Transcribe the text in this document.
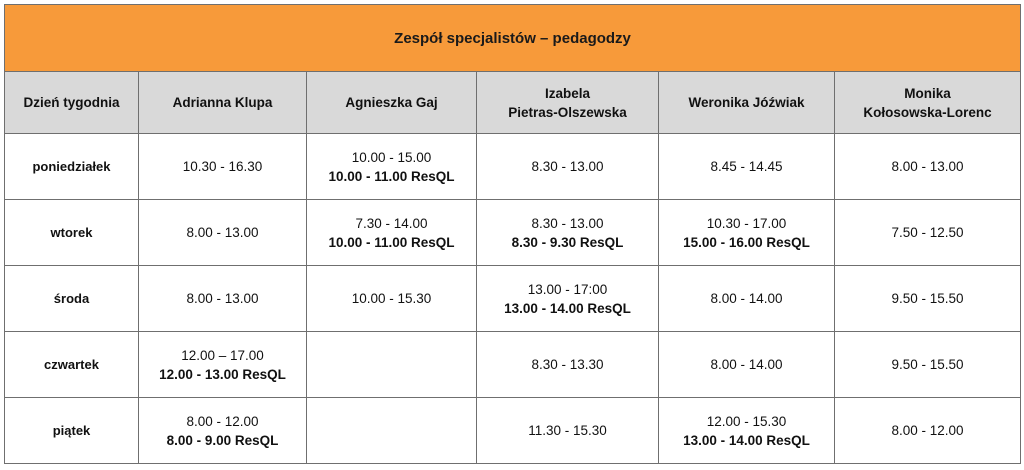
Zespół specjalistów – pedagodzy					

Dzień tygodnia	Adrianna Klupa	Agnieszka Gaj	Izabela
Pietras-Olszewska	Weronika Jóźwiak	Monika
Kołosowska-Lorenc

poniedziałek	10.30 - 16.30	10.00 - 15.00
10.00 - 11.00 ResQL	8.30 - 13.00	8.45 - 14.45	8.00 - 13.00

wtorek	8.00 - 13.00	7.30 - 14.00
10.00 - 11.00 ResQL	8.30 - 13.00
8.30 - 9.30 ResQL	10.30 - 17.00
15.00 - 16.00 ResQL	7.50 - 12.50

środa	8.00 - 13.00	10.00 - 15.30	13.00 - 17:00
13.00 - 14.00 ResQL	8.00 - 14.00	9.50 - 15.50

czwartek	12.00 – 17.00
12.00 - 13.00 ResQL		8.30 - 13.30	8.00 - 14.00	9.50 - 15.50

piątek	8.00 - 12.00
8.00 - 9.00 ResQL		11.30 - 15.30	12.00 - 15.30
13.00 - 14.00 ResQL	8.00 - 12.00
